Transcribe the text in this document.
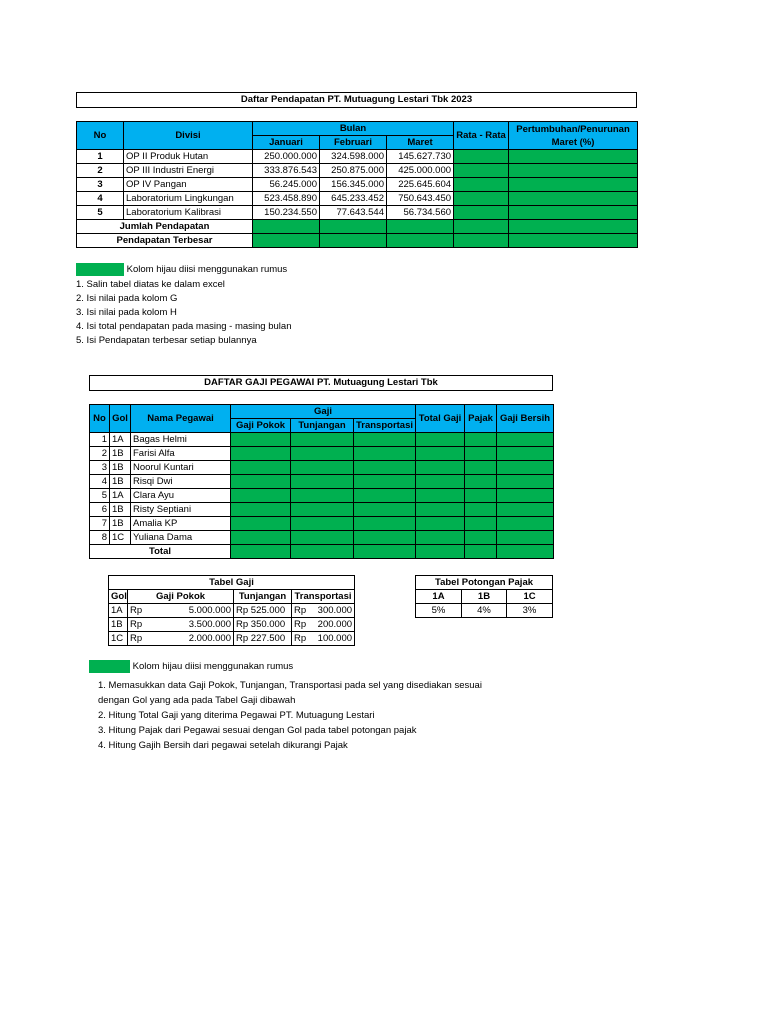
Daftar Pendapatan PT. Mutuagung Lestari Tbk 2023
No	Divisi	Bulan			Rata - Rata	Pertumbuhan/Penurunan Maret (%)
		Januari	Februari	Maret		
1	OP II Produk Hutan	250.000.000	324.598.000	145.627.730		
2	OP III Industri Energi	333.876.543	250.875.000	425.000.000		
3	OP IV Pangan	56.245.000	156.345.000	225.645.604		
4	Laboratorium Lingkungan	523.458.890	645.233.452	750.643.450		
5	Laboratorium Kalibrasi	150.234.550	77.643.544	56.734.560		
Jumlah Pendapatan						
Pendapatan Terbesar						
Kolom hijau diisi menggunakan rumus
1. Salin tabel diatas ke dalam excel
2. Isi nilai pada kolom G
3. Isi nilai pada kolom H
4. Isi total pendapatan pada masing - masing bulan
5. Isi Pendapatan terbesar setiap bulannya
DAFTAR GAJI PEGAWAI PT. Mutuagung Lestari Tbk
No	Gol	Nama Pegawai	Gaji			Total Gaji	Pajak	Gaji Bersih
			Gaji Pokok	Tunjangan	Transportasi			
1	1A	Bagas Helmi						
2	1B	Farisi Alfa						
3	1B	Noorul Kuntari						
4	1B	Risqi Dwi						
5	1A	Clara Ayu						
6	1B	Risty Septiani						
7	1B	Amalia KP						
8	1C	Yuliana Dama						
Total								
Tabel Gaji				
Gol	Gaji Pokok		Tunjangan	Transportasi
1A	Rp	5.000.000	Rp 525.000	Rp 300.000

1B	Rp	3.500.000	Rp 350.000	Rp 200.000

1C	Rp	2.000.000	Rp 227.500	Rp 100.000
Tabel Potongan Pajak		
1A	1B	1C
5%	4%	3%
Kolom hijau diisi menggunakan rumus
1. Memasukkan data Gaji Pokok, Tunjangan, Transportasi pada sel yang disediakan sesuai
dengan Gol yang ada pada Tabel Gaji dibawah
2. Hitung Total Gaji yang diterima Pegawai PT. Mutuagung Lestari
3. Hitung Pajak dari Pegawai sesuai dengan Gol pada tabel potongan pajak
4. Hitung Gajih Bersih dari pegawai setelah dikurangi Pajak
